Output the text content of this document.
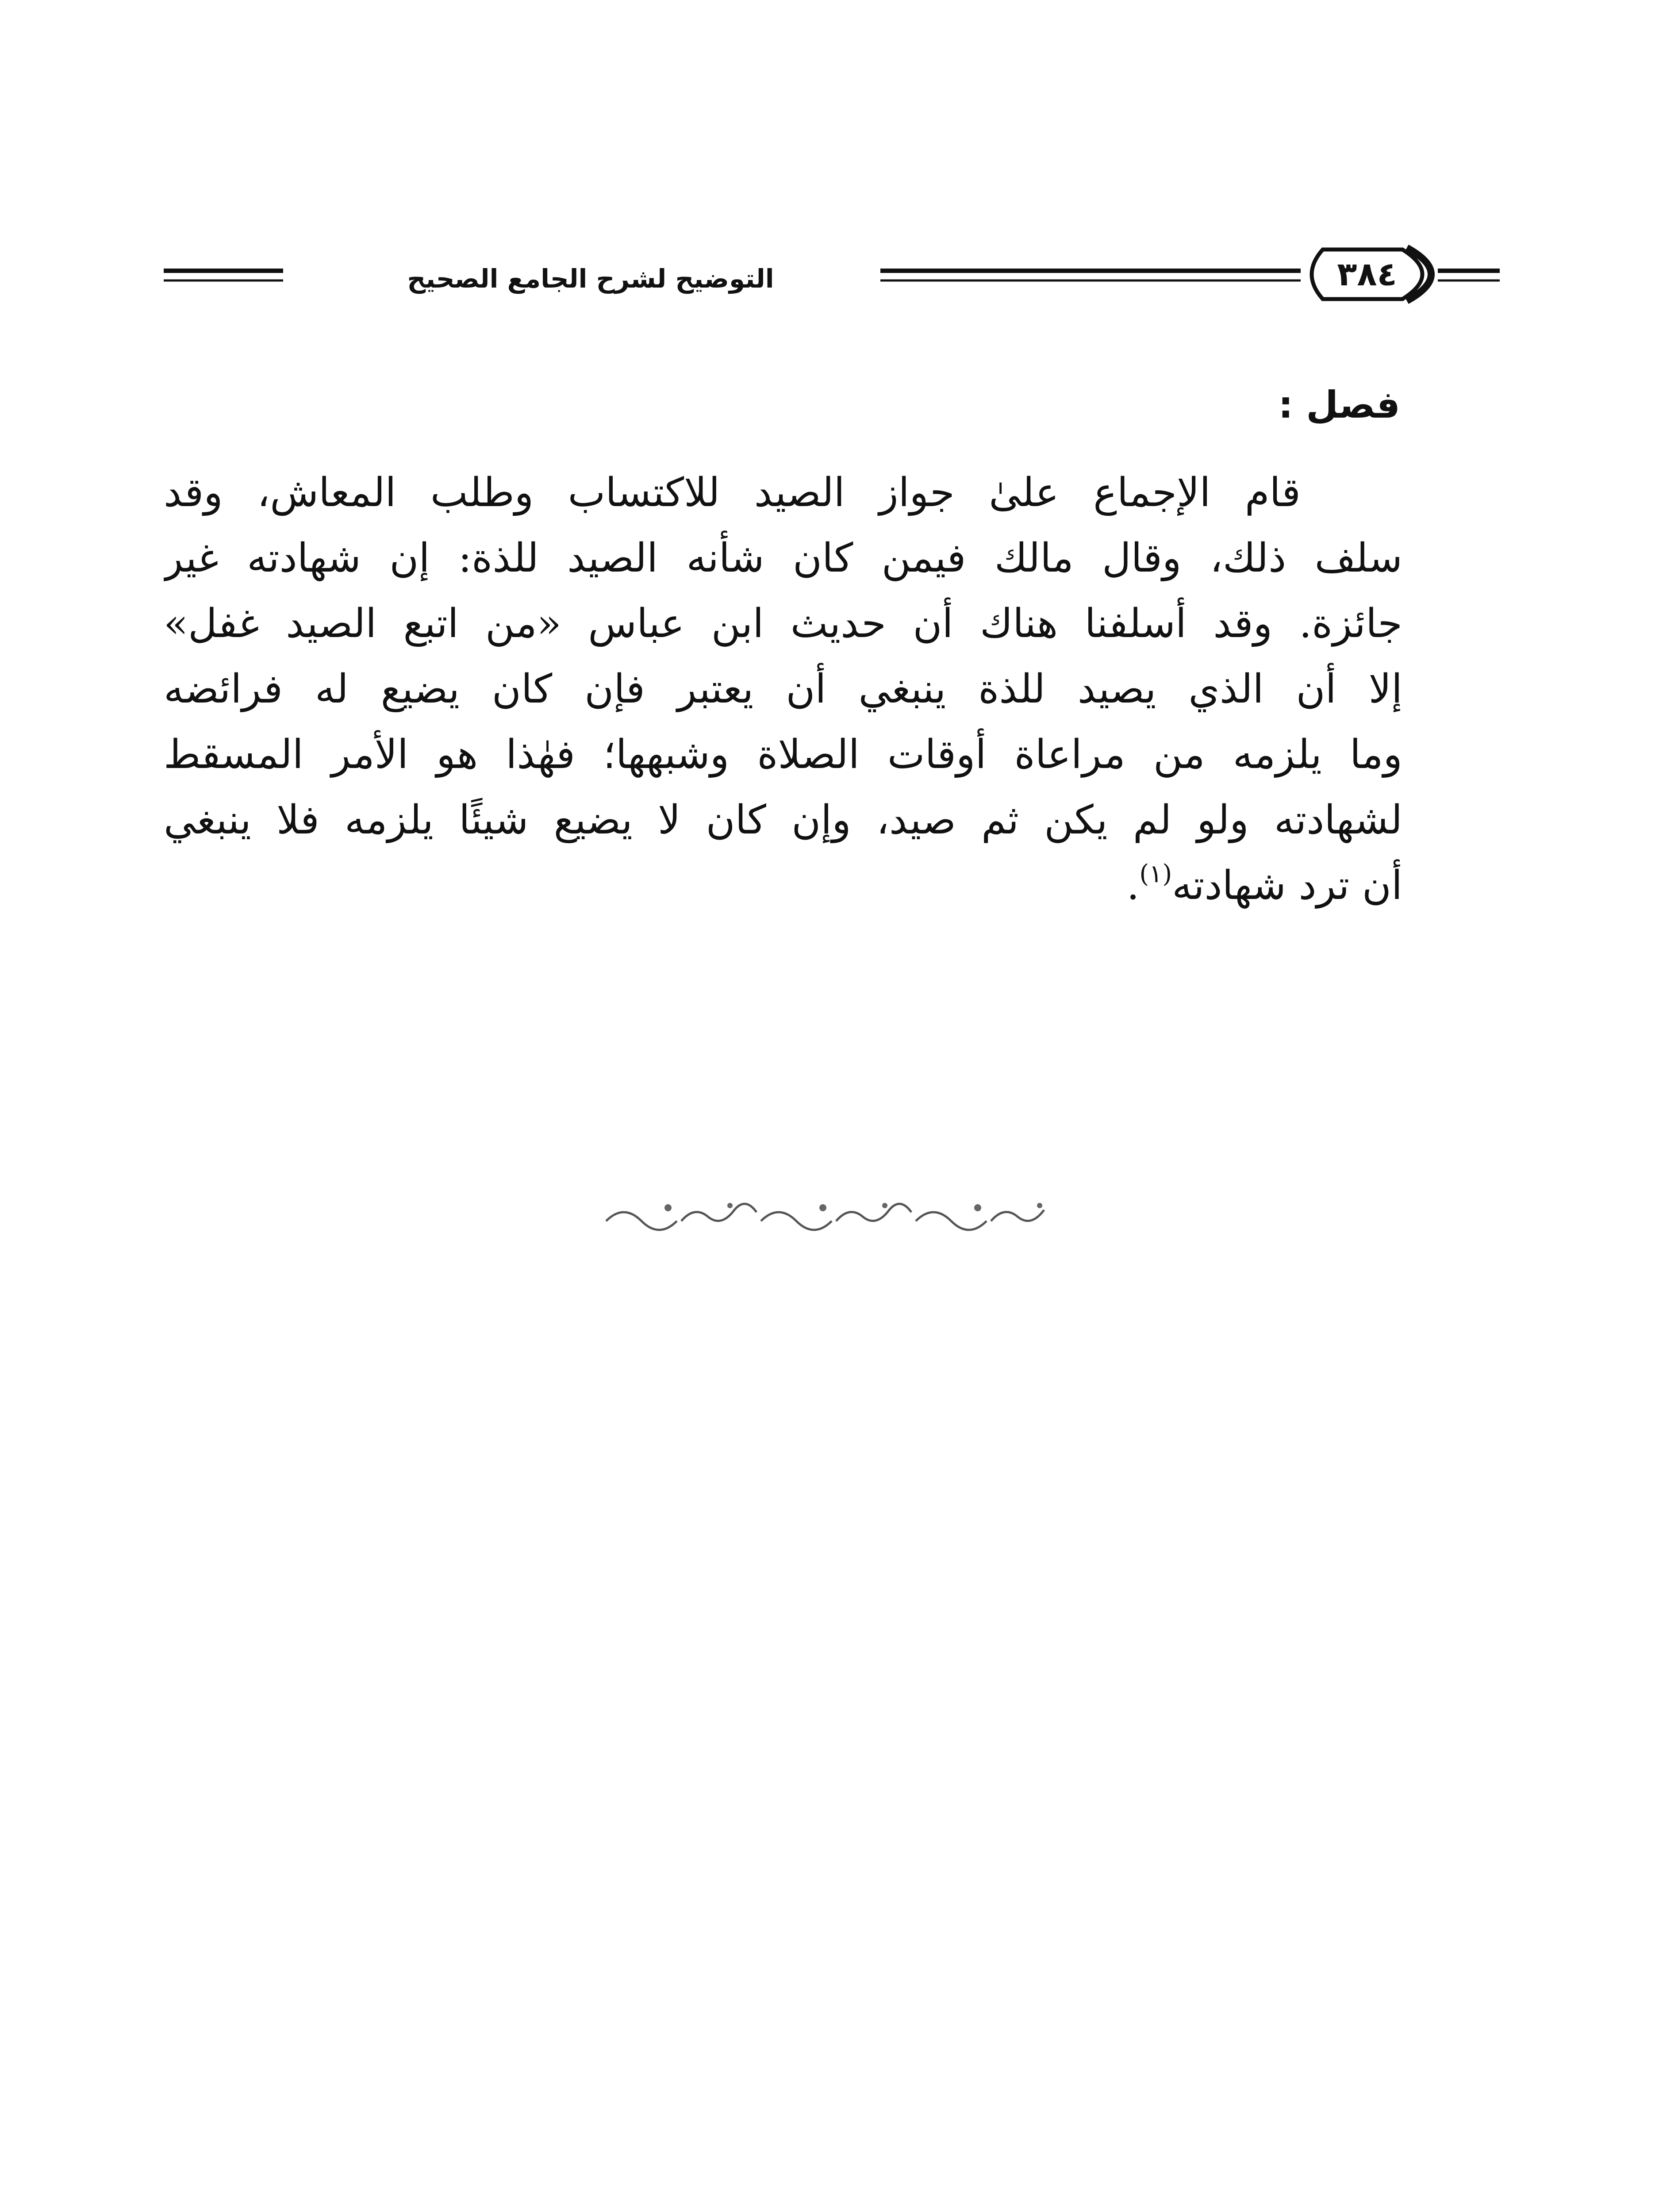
التوضيح لشرح الجامع الصحيح	٣٨٤
فصل :
قام الإجماع علىٰ جواز الصيد للاكتساب وطلب المعاش، وقد
سلف ذلك، وقال مالك فيمن كان شأنه الصيد للذة: إن شهادته غير
جائزة. وقد أسلفنا هناك أن حديث ابن عباس «من اتبع الصيد غفل»
إلا أن الذي يصيد للذة ينبغي أن يعتبر فإن كان يضيع له فرائضه
وما يلزمه من مراعاة أوقات الصلاة وشبهها؛ فهٰذا هو الأمر المسقط
لشهادته ولو لم يكن ثم صيد، وإن كان لا يضيع شيئًا يلزمه فلا ينبغي
أن ترد شهادته$^{(١)}$.
